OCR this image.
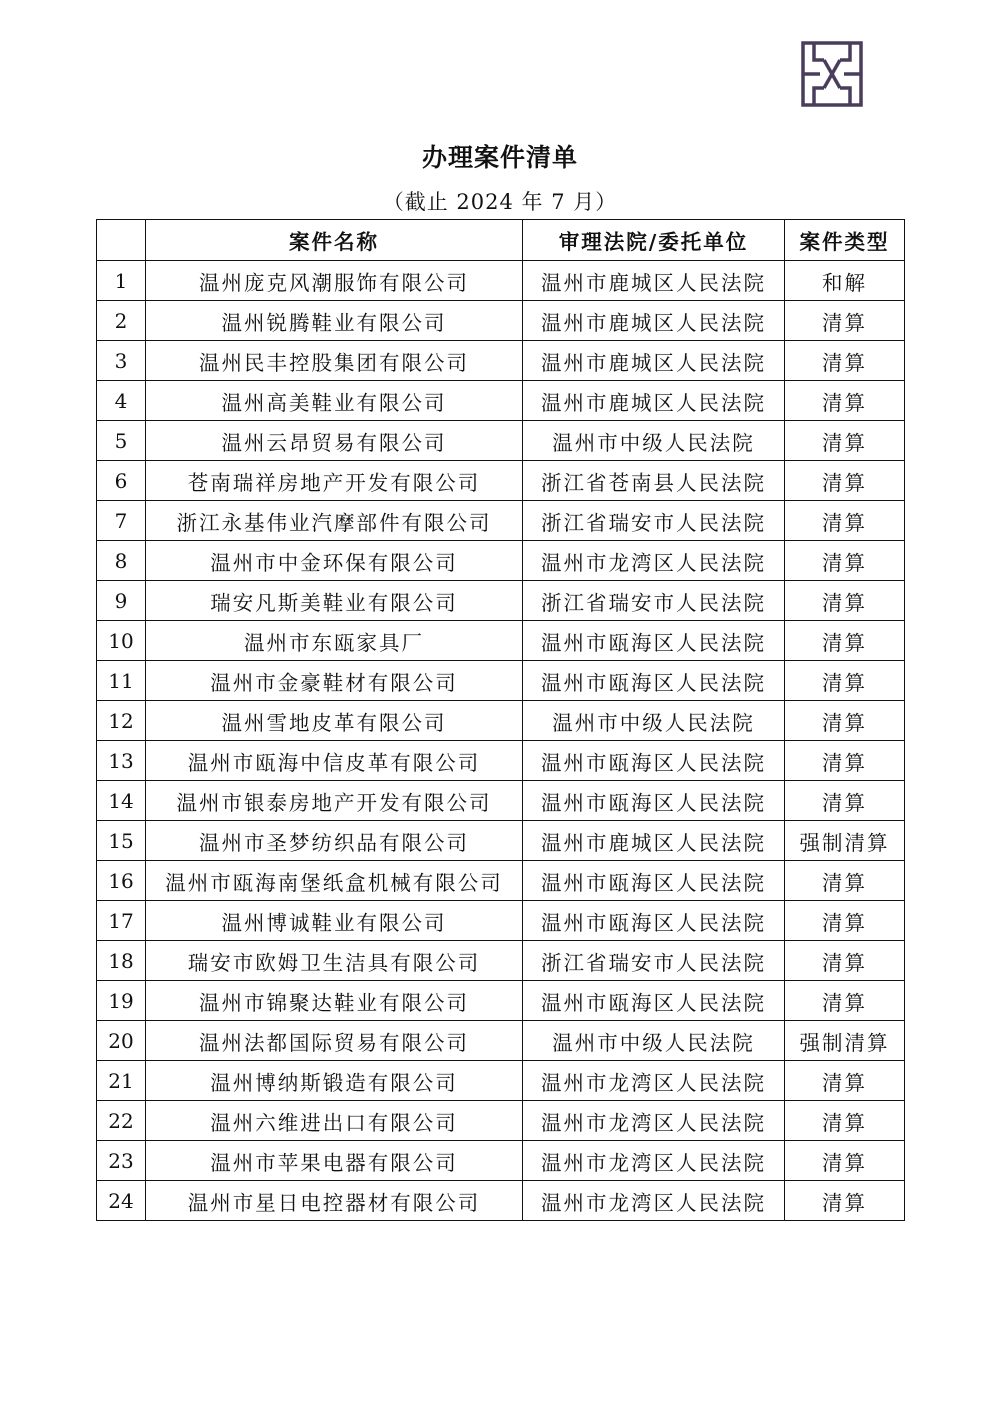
办理案件清单
（截止 2024 年 7 月）
	案件名称	审理法院/委托单位	案件类型
1	温州庞克风潮服饰有限公司	温州市鹿城区人民法院	和解
2	温州锐腾鞋业有限公司	温州市鹿城区人民法院	清算
3	温州民丰控股集团有限公司	温州市鹿城区人民法院	清算
4	温州高美鞋业有限公司	温州市鹿城区人民法院	清算
5	温州云昂贸易有限公司	温州市中级人民法院	清算
6	苍南瑞祥房地产开发有限公司	浙江省苍南县人民法院	清算
7	浙江永基伟业汽摩部件有限公司	浙江省瑞安市人民法院	清算
8	温州市中金环保有限公司	温州市龙湾区人民法院	清算
9	瑞安凡斯美鞋业有限公司	浙江省瑞安市人民法院	清算
10	温州市东瓯家具厂	温州市瓯海区人民法院	清算
11	温州市金豪鞋材有限公司	温州市瓯海区人民法院	清算
12	温州雪地皮革有限公司	温州市中级人民法院	清算
13	温州市瓯海中信皮革有限公司	温州市瓯海区人民法院	清算
14	温州市银泰房地产开发有限公司	温州市瓯海区人民法院	清算
15	温州市圣梦纺织品有限公司	温州市鹿城区人民法院	强制清算
16	温州市瓯海南堡纸盒机械有限公司	温州市瓯海区人民法院	清算
17	温州博诚鞋业有限公司	温州市瓯海区人民法院	清算
18	瑞安市欧姆卫生洁具有限公司	浙江省瑞安市人民法院	清算
19	温州市锦聚达鞋业有限公司	温州市瓯海区人民法院	清算
20	温州法都国际贸易有限公司	温州市中级人民法院	强制清算
21	温州博纳斯锻造有限公司	温州市龙湾区人民法院	清算
22	温州六维进出口有限公司	温州市龙湾区人民法院	清算
23	温州市苹果电器有限公司	温州市龙湾区人民法院	清算
24	温州市星日电控器材有限公司	温州市龙湾区人民法院	清算
